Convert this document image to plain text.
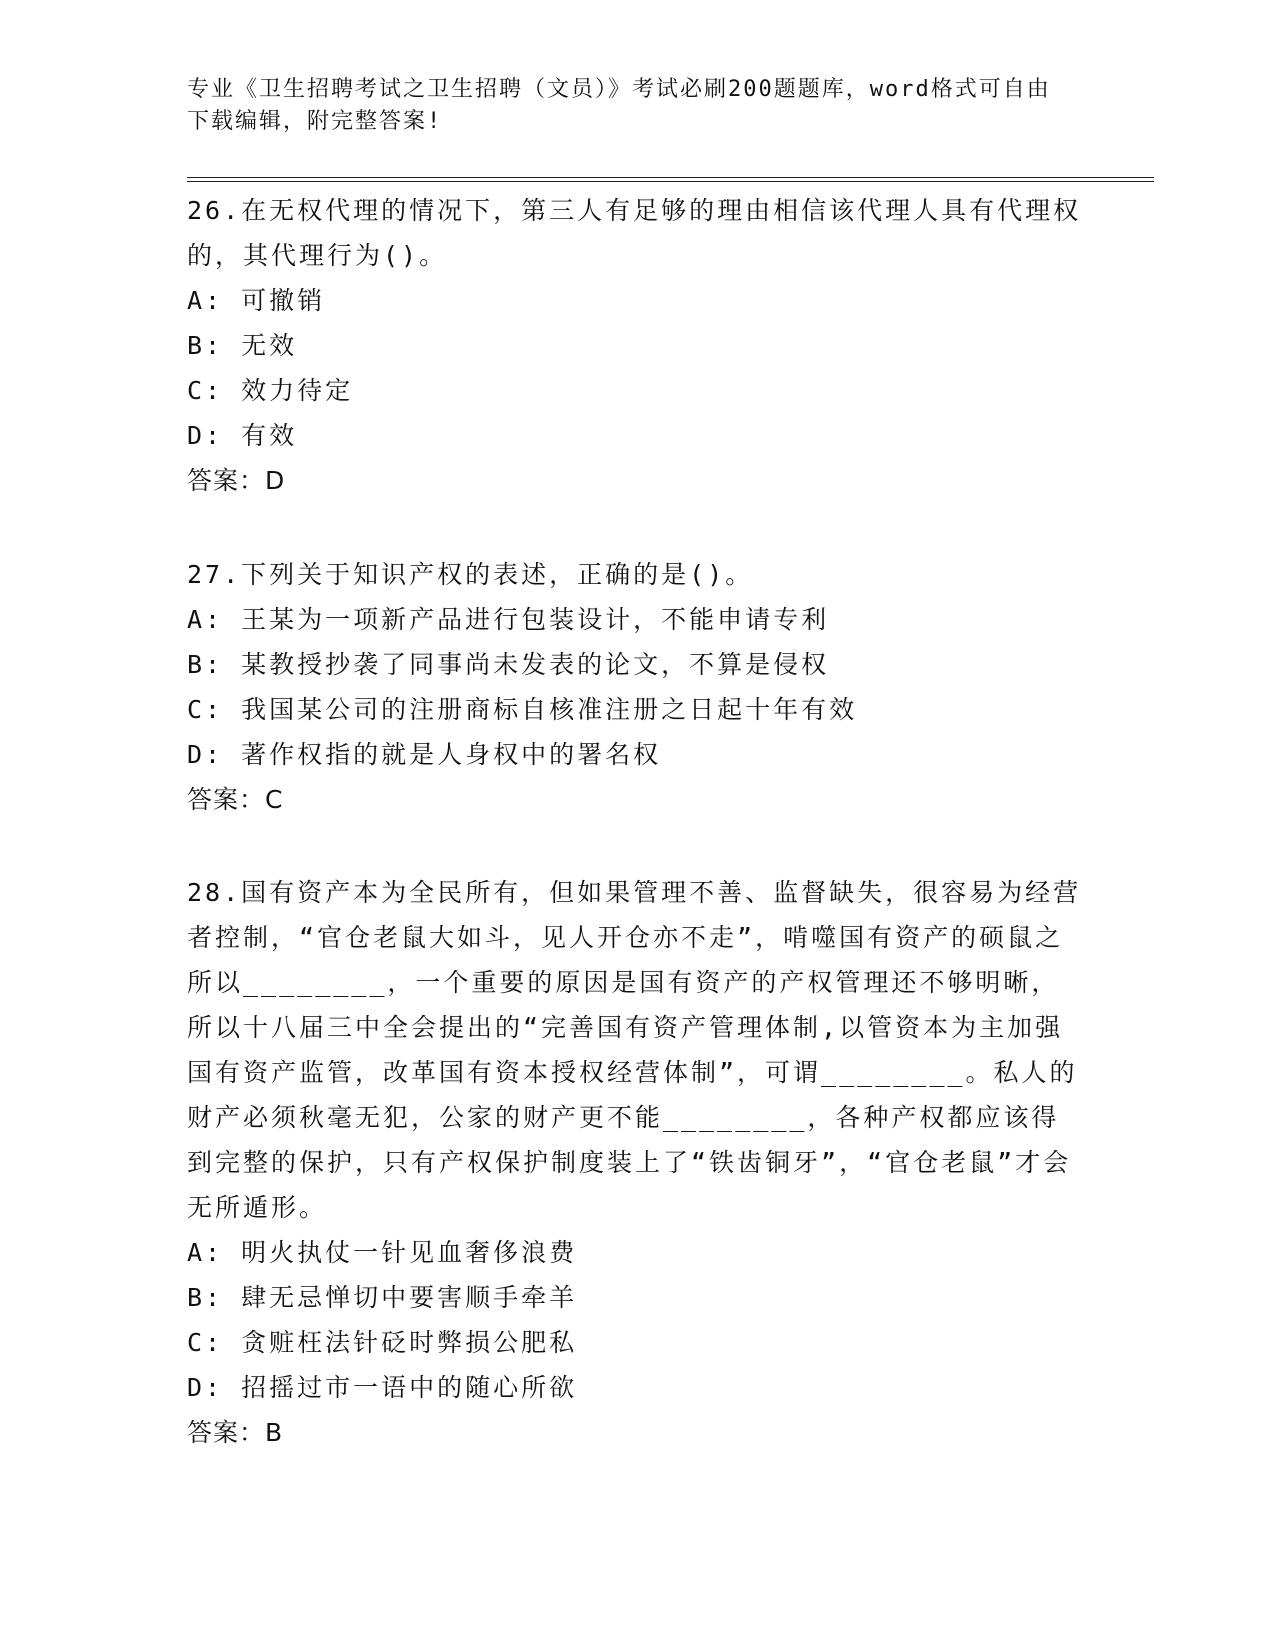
专业《卫生招聘考试之卫生招聘（文员）》考试必刷200题题库，word格式可自由下载编辑，附完整答案!

26.在无权代理的情况下，第三人有足够的理由相信该代理人具有代理权的，其代理行为()。

A: 可撤销

B: 无效

C: 效力待定

D: 有效

答案：D

27.下列关于知识产权的表述，正确的是()。

A: 王某为一项新产品进行包装设计，不能申请专利

B: 某教授抄袭了同事尚未发表的论文，不算是侵权

C: 我国某公司的注册商标自核准注册之日起十年有效

D: 著作权指的就是人身权中的署名权

答案：C

28.国有资产本为全民所有，但如果管理不善、监督缺失，很容易为经营者控制，“官仓老鼠大如斗，见人开仓亦不走”，啃噬国有资产的硕鼠之所以________，一个重要的原因是国有资产的产权管理还不够明晰，所以十八届三中全会提出的“完善国有资产管理体制,以管资本为主加强国有资产监管，改革国有资本授权经营体制”，可谓________。私人的财产必须秋毫无犯，公家的财产更不能________，各种产权都应该得到完整的保护，只有产权保护制度装上了“铁齿铜牙”，“官仓老鼠”才会无所遁形。

A: 明火执仗一针见血奢侈浪费

B: 肆无忌惮切中要害顺手牵羊

C: 贪赃枉法针砭时弊损公肥私

D: 招摇过市一语中的随心所欲

答案：B
